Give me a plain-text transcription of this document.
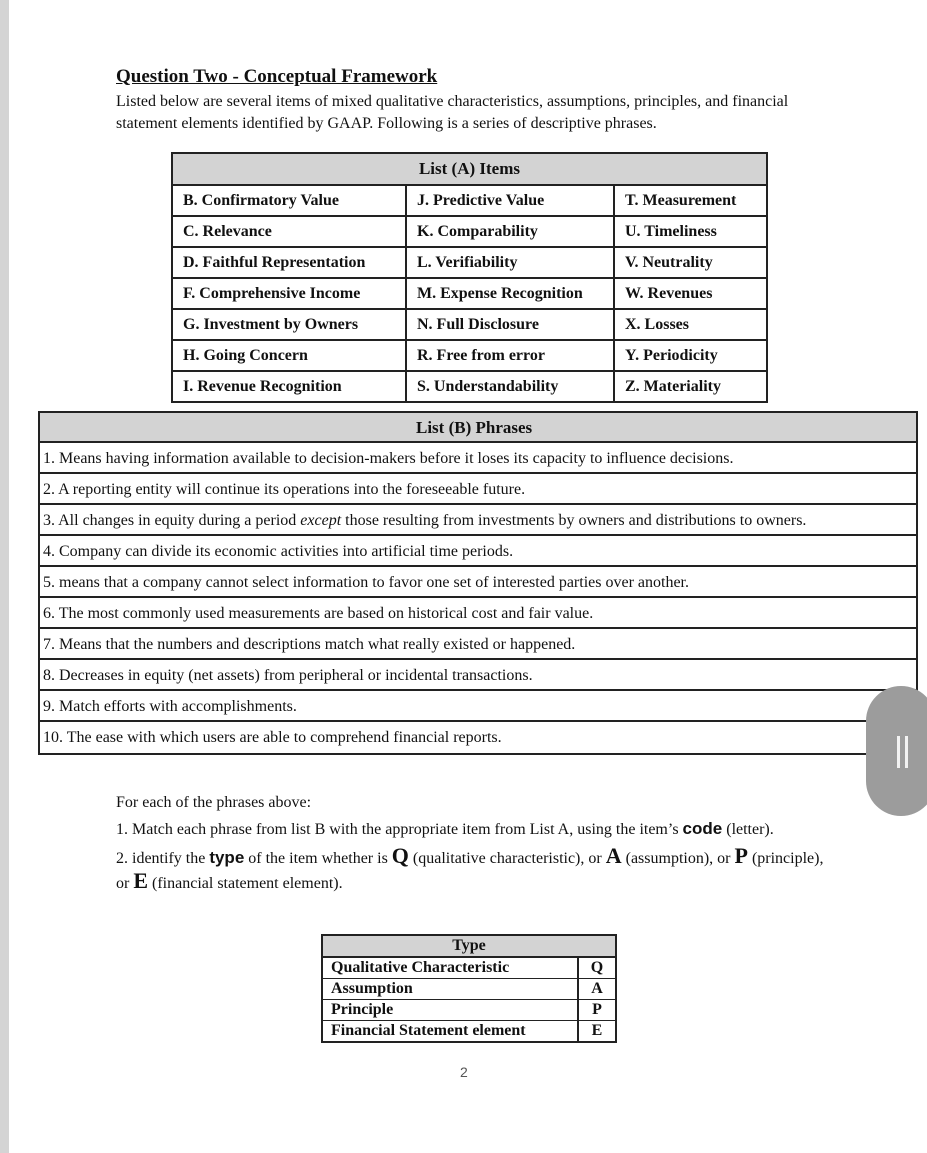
Question Two - Conceptual Framework
Listed below are several items of mixed qualitative characteristics, assumptions, principles, and financial statement elements identified by GAAP. Following is a series of descriptive phrases.
List (A) Items		
B. Confirmatory Value	J. Predictive Value	T. Measurement
C. Relevance	K. Comparability	U. Timeliness
D. Faithful Representation	L. Verifiability	V. Neutrality
F. Comprehensive Income	M. Expense Recognition	W. Revenues
G. Investment by Owners	N. Full Disclosure	X. Losses
H. Going Concern	R. Free from error	Y. Periodicity
I. Revenue Recognition	S. Understandability	Z. Materiality
List (B) Phrases
1. Means having information available to decision-makers before it loses its capacity to influence decisions.
2. A reporting entity will continue its operations into the foreseeable future.
3. All changes in equity during a period except those resulting from investments by owners and distributions to owners.
4. Company can divide its economic activities into artificial time periods.
5. means that a company cannot select information to favor one set of interested parties over another.
6. The most commonly used measurements are based on historical cost and fair value.
7. Means that the numbers and descriptions match what really existed or happened.
8. Decreases in equity (net assets) from peripheral or incidental transactions.
9. Match efforts with accomplishments.
10. The ease with which users are able to comprehend financial reports.

For each of the phrases above:

1. Match each phrase from list B with the appropriate item from List A, using the item’s code (letter).

2. identify the type of the item whether is Q (qualitative characteristic), or A (assumption), or P (principle), or E (financial statement element).

Type	
Qualitative Characteristic	Q
Assumption	A
Principle	P
Financial Statement element	E
2
